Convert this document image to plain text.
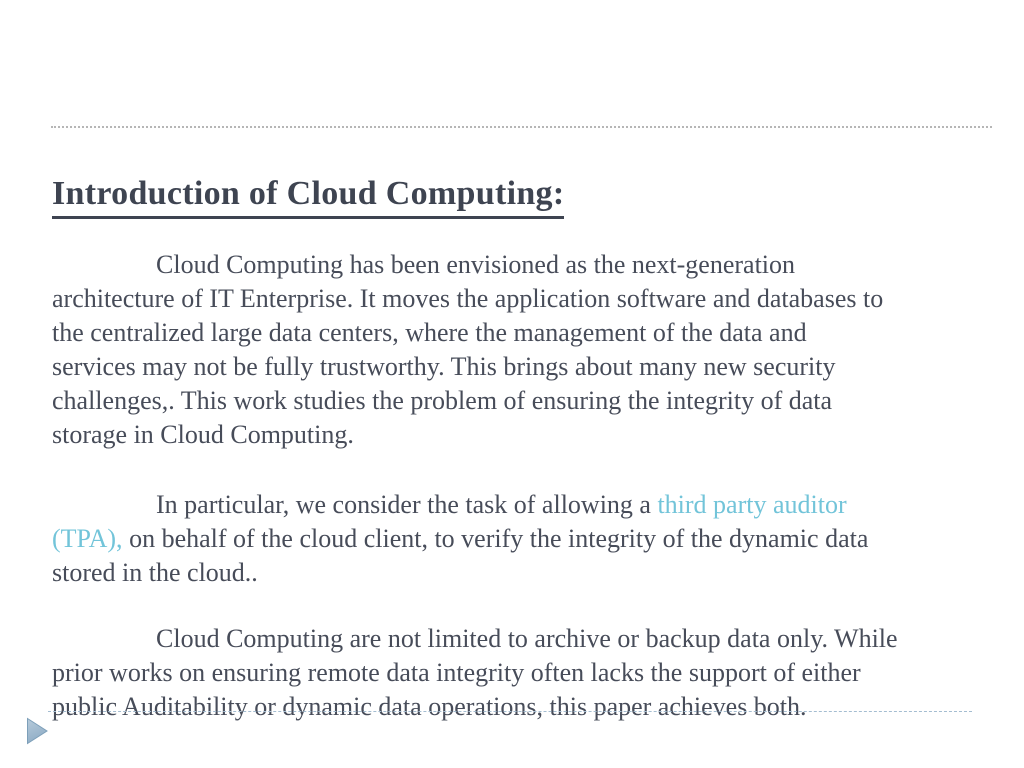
Introduction of Cloud Computing:
Cloud Computing has been envisioned as the next-generation
architecture of IT Enterprise. It moves the application software and databases to
the centralized large data centers, where the management of the data and
services may not be fully trustworthy. This brings about many new security
challenges,. This work studies the problem of ensuring the integrity of data
storage in Cloud Computing.
In particular, we consider the task of allowing a third party auditor
(TPA), on behalf of the cloud client, to verify the integrity of the dynamic data
stored in the cloud..
Cloud Computing are not limited to archive or backup data only. While
prior works on ensuring remote data integrity often lacks the support of either
public Auditability or dynamic data operations, this paper achieves both.
